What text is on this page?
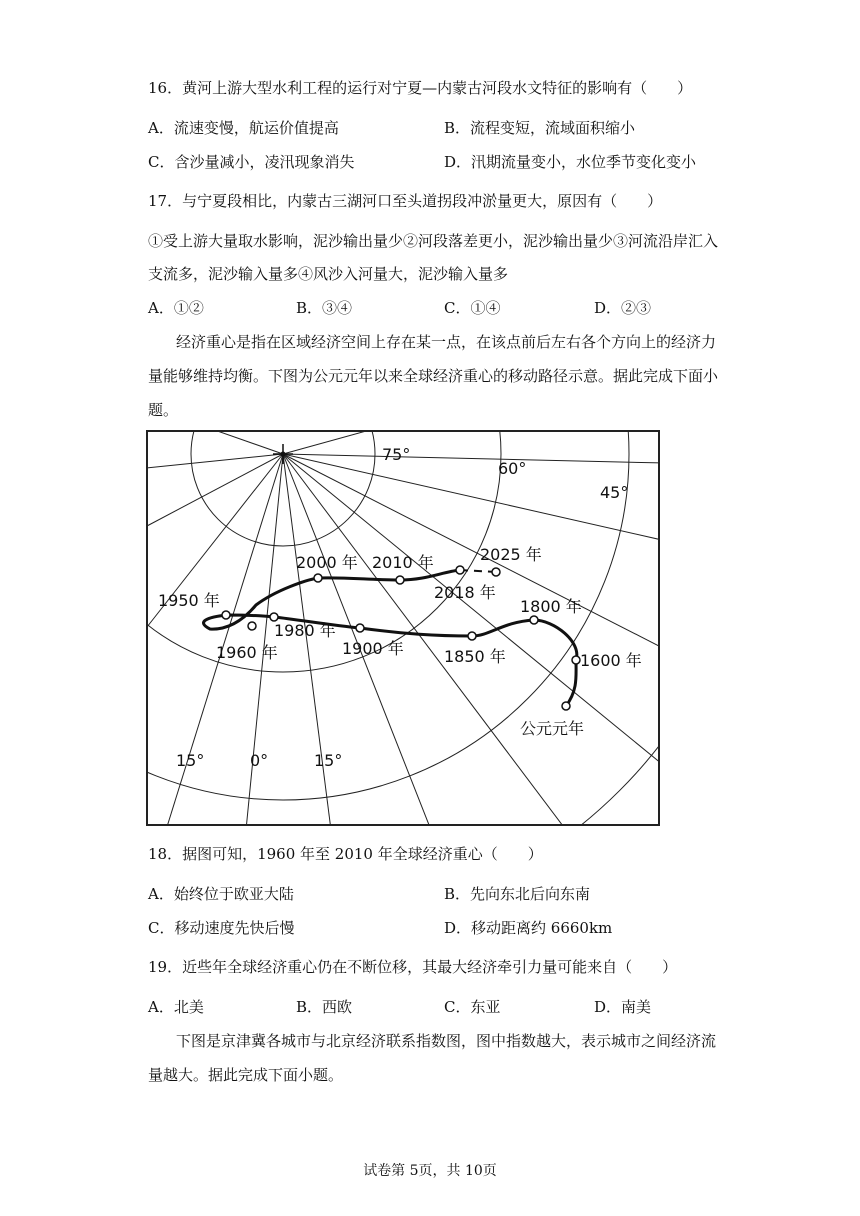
16．黄河上游大型水利工程的运行对宁夏—内蒙古河段水文特征的影响有（　　）
A．流速变慢，航运价值提高	B．流程变短，流域面积缩小
C．含沙量减小，凌汛现象消失	D．汛期流量变小，水位季节变化变小
17．与宁夏段相比，内蒙古三湖河口至头道拐段冲淤量更大，原因有（　　）
①受上游大量取水影响，泥沙输出量少②河段落差更小，泥沙输出量少③河流沿岸汇入
支流多，泥沙输入量多④风沙入河量大，泥沙输入量多
A．①②	B．③④	C．①④	D．②③
经济重心是指在区域经济空间上存在某一点，在该点前后左右各个方向上的经济力
量能够维持均衡。下图为公元元年以来全球经济重心的移动路径示意。据此完成下面小
题。
75°
60°
45°
15°	0°	15°
公元元年
1600 年
1800 年
1850 年
1900 年
1980 年
1960 年
1950 年
2000 年 2010 年
2018 年
2025 年
18．据图可知，1960 年至 2010 年全球经济重心（　　）
A．始终位于欧亚大陆	B．先向东北后向东南
C．移动速度先快后慢	D．移动距离约 6660km
19．近些年全球经济重心仍在不断位移，其最大经济牵引力量可能来自（　　）
A．北美	B．西欧	C．东亚	D．南美
下图是京津冀各城市与北京经济联系指数图，图中指数越大，表示城市之间经济流
量越大。据此完成下面小题。
试卷第 5页，共 10页
